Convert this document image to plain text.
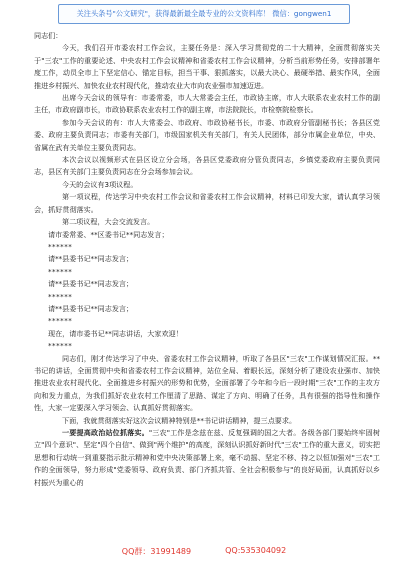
关注头条号"公文研究"，获得最新最全最专业的公文资料库！ 微信：gongwen1

同志们：

今天，我们召开市委农村工作会议，主要任务是：深入学习贯彻党的二十大精神，全面贯彻落实关于"三农"工作的重要论述、中央农村工作会议精神和省委农村工作会议精神，分析当前形势任务，安排部署年度工作，动员全市上下坚定信心、锚定目标，担当干事、狠抓落实，以最大决心、最硬举措、最实作风，全面推进乡村振兴、加快农业农村现代化，推动农业大市向农业强市加速迈进。

出席今天会议的领导有：市委常委，市人大常委会主任，市政协主席，市人大联系农业农村工作的副主任，市政府副市长，市政协联系农业农村工作的副主席，市法院院长，市检察院检察长。

参加今天会议的有：市人大常委会、市政府、市政协秘书长，市委、市政府分管副秘书长；各县区党委、政府主要负责同志；市委有关部门，市级国家机关有关部门，有关人民团体，部分市属企业单位，中央、省属在武有关单位主要负责同志。

本次会议以视频形式在县区设立分会场，各县区党委政府分管负责同志，乡镇党委政府主要负责同志，县区有关部门主要负责同志在分会场参加会议。

今天的会议有3项议程。

第一项议程，传达学习中央农村工作会议和省委农村工作会议精神，材料已印发大家，请认真学习领会，抓好贯彻落实。

第二项议程，大会交流发言。

请市委常委、**区委书记**同志发言；

******

请**县委书记**同志发言；

******

请**县委书记**同志发言；

******

请**县委书记**同志发言；

******

现在，请市委书记**同志讲话，大家欢迎！

******

同志们，刚才传达学习了中央、省委农村工作会议精神，听取了各县区"三农"工作谋划情况汇报。**书记的讲话，全面贯彻中央和省委农村工作会议精神，站位全局、着眼长远，深刻分析了建设农业强市、加快推进农业农村现代化、全面推进乡村振兴的形势和优势，全面部署了今年和今后一段时期"三农"工作的主攻方向和发力重点，为我们抓好农业农村工作厘清了思路、谋定了方向、明确了任务，具有很强的指导性和操作性，大家一定要深入学习领会、认真抓好贯彻落实。

下面，我就贯彻落实好这次会议精神特别是**书记讲话精神，提三点要求。

一要提高政治站位抓落实。"三农"工作是念兹在兹、反复强调的国之大者。各级各部门要始终牢固树立"四个意识"、坚定"四个自信"、做到"两个维护"的高度，深刻认识抓好新时代"三农"工作的重大意义，切实把思想和行动统一到重要指示批示精神和党中央决策部署上来，毫不动摇、坚定不移、持之以恒加强对"三农"工作的全面领导，努力形成"党委领导、政府负责、部门齐抓共管、全社会积极参与"的良好局面，认真抓好以乡村振兴为重心的

QQ群：31991489	QQ:535304092
